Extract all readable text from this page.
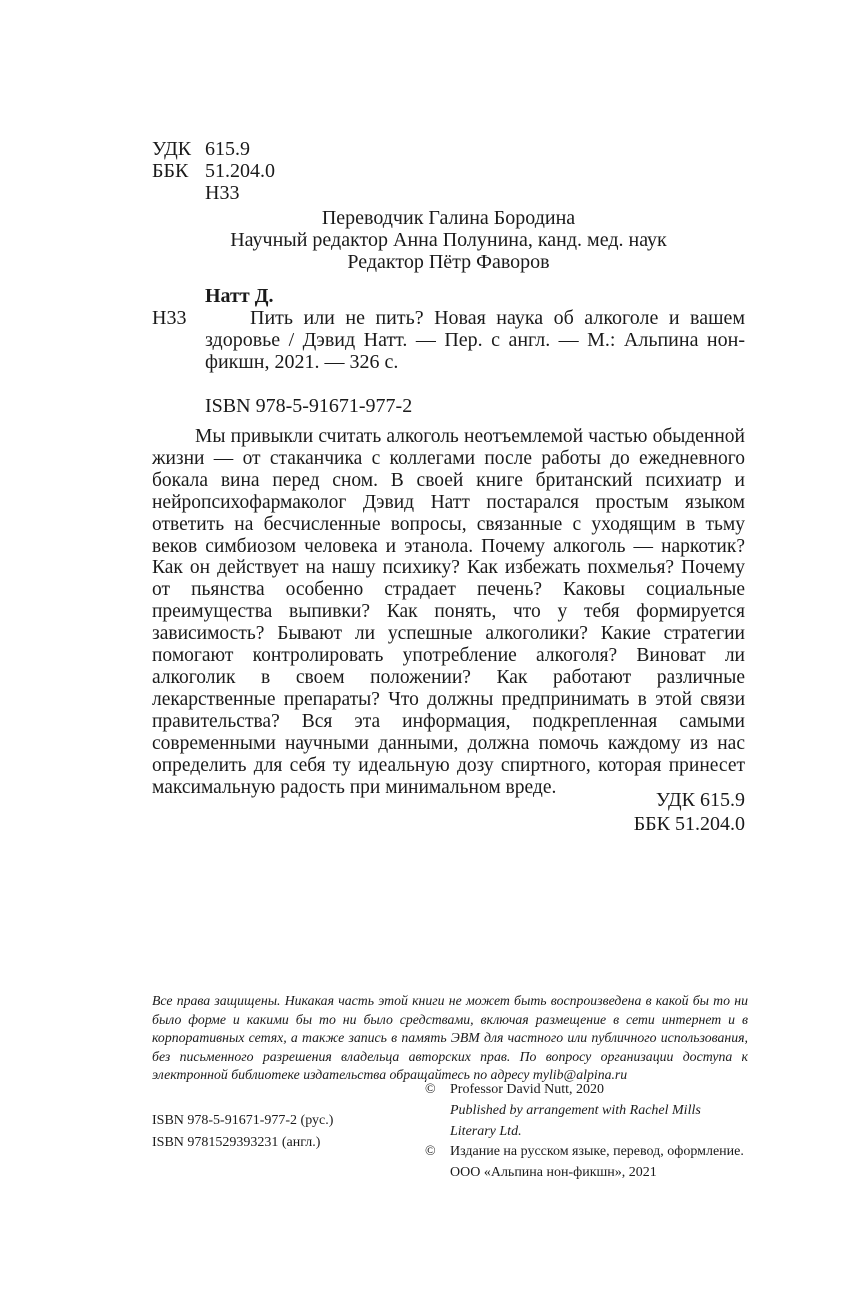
УДК 615.9
ББК 51.204.0
Н33
Переводчик Галина Бородина
Научный редактор Анна Полунина, канд. мед. наук
Редактор Пётр Фаворов
Натт Д.
Н33	Пить или не пить? Новая наука об алкоголе и вашем здоровье / Дэвид Натт. — Пер. с англ. — М.: Альпина нон-фикшн, 2021. — 326 с.
ISBN 978-5-91671-977-2
Мы привыкли считать алкоголь неотъемлемой частью обыденной жизни — от стаканчика с коллегами после работы до ежедневного бокала вина перед сном. В своей книге британский психиатр и нейропсихофармаколог Дэвид Натт постарался простым языком ответить на бесчисленные вопросы, связанные с уходящим в тьму веков симбиозом человека и этанола. Почему алкоголь — наркотик? Как он действует на нашу психику? Как избежать похмелья? Почему от пьянства особенно страдает печень? Каковы социальные преимущества выпивки? Как понять, что у тебя формируется зависимость? Бывают ли успешные алкоголики? Какие стратегии помогают контролировать употребление алкоголя? Виноват ли алкоголик в своем положении? Как работают различные лекарственные препараты? Что должны предпринимать в этой связи правительства? Вся эта информация, подкрепленная самыми современными научными данными, должна помочь каждому из нас определить для себя ту идеальную дозу спиртного, которая принесет максимальную радость при минимальном вреде.
УДК 615.9
ББК 51.204.0
Все права защищены. Никакая часть этой книги не может быть воспроизведена в какой бы то ни было форме и какими бы то ни было средствами, включая размещение в сети интернет и в корпоративных сетях, а также запись в память ЭВМ для частного или публичного использования, без письменного разрешения владельца авторских прав. По вопросу организации доступа к электронной библиотеке издательства обращайтесь по адресу mylib@alpina.ru
ISBN 978-5-91671-977-2 (рус.)
ISBN 9781529393231 (англ.)
©	Professor David Nutt, 2020
Published by arrangement with Rachel Mills Literary Ltd.
©	Издание на русском языке, перевод, оформление.
ООО «Альпина нон-фикшн», 2021
